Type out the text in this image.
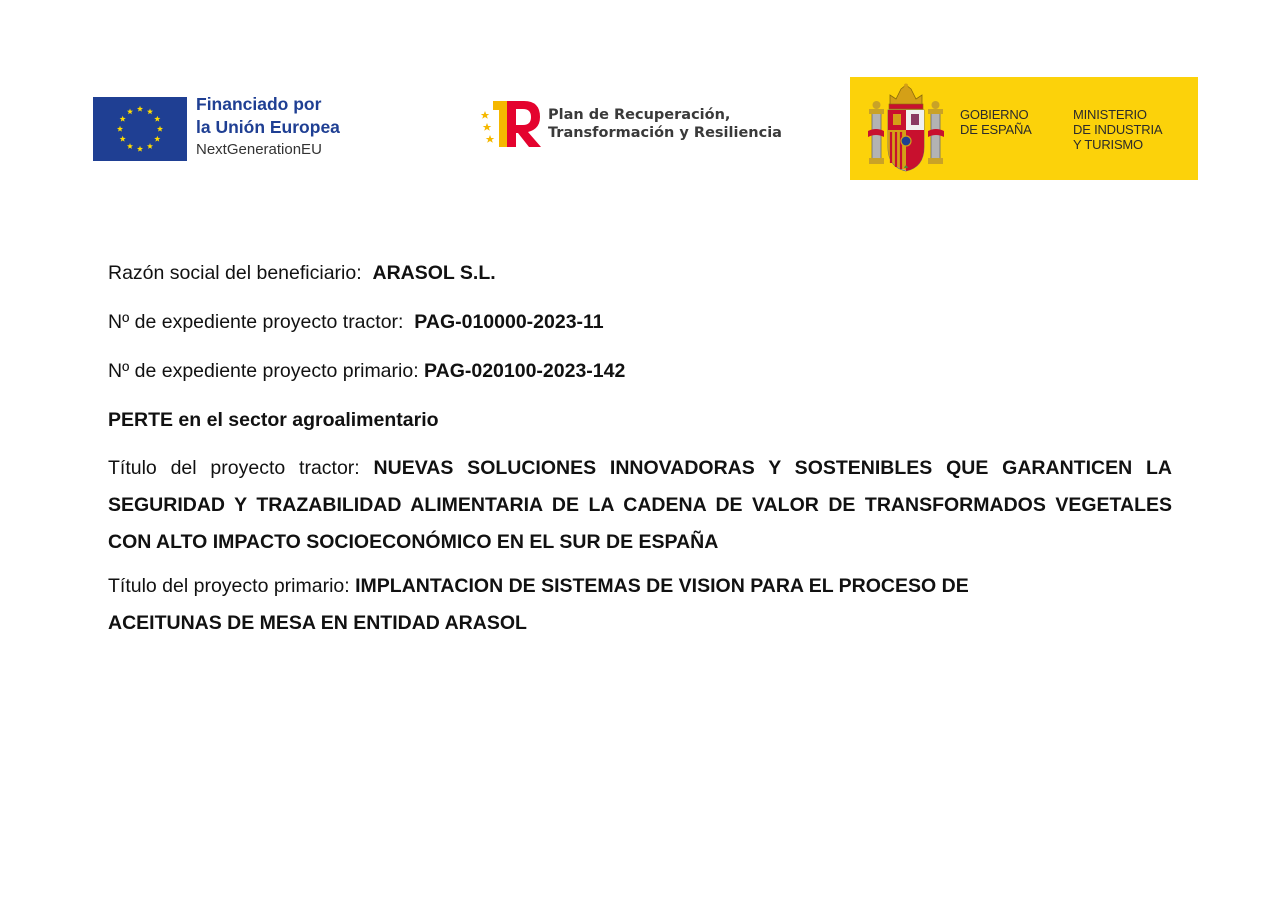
Financiado por
la Unión Europea
NextGenerationEU
Plan de Recuperación,
Transformación y Resiliencia
GOBIERNO
DE ESPAÑA
MINISTERIO
DE INDUSTRIA
Y TURISMO
Razón social del beneficiario: ARASOL S.L.
Nº de expediente proyecto tractor: PAG-010000-2023-11
Nº de expediente proyecto primario: PAG-020100-2023-142
PERTE en el sector agroalimentario
Título del proyecto tractor: NUEVAS SOLUCIONES INNOVADORAS Y SOSTENIBLES QUE GARANTICEN LA SEGURIDAD Y TRAZABILIDAD ALIMENTARIA DE LA CADENA DE VALOR DE TRANSFORMADOS VEGETALES CON ALTO IMPACTO SOCIOECONÓMICO EN EL SUR DE ESPAÑA
Título del proyecto primario: IMPLANTACION DE SISTEMAS DE VISION PARA EL PROCESO DE
ACEITUNAS DE MESA EN ENTIDAD ARASOL
